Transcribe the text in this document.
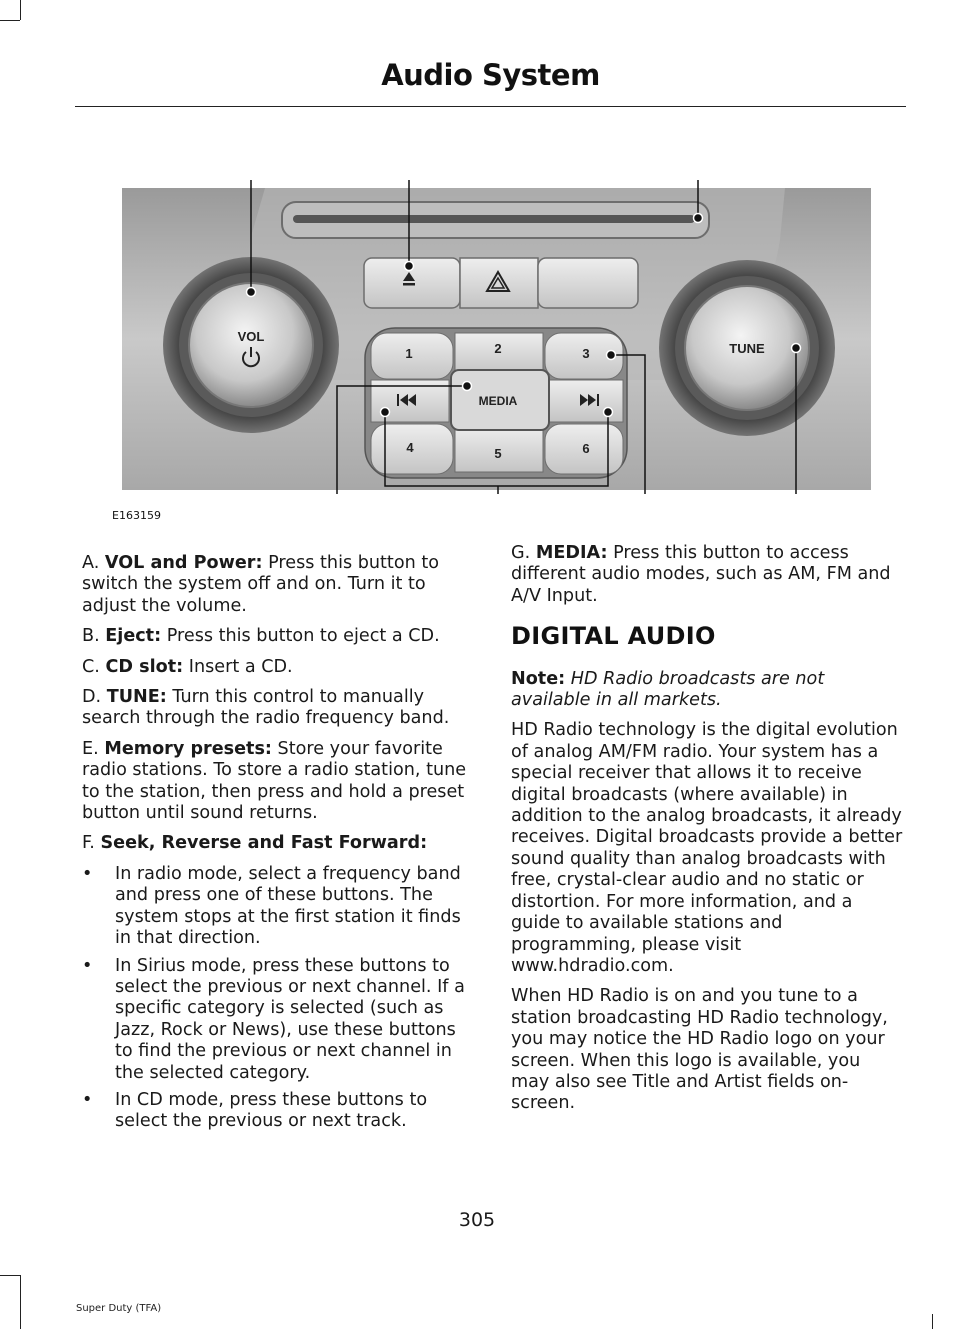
Audio System
VOL
TUNE
1	2	3
4	5	6
MEDIA
E163159

A. VOL and Power: Press this button to switch the system off and on. Turn it to adjust the volume.

B. Eject: Press this button to eject a CD.

C. CD slot: Insert a CD.

D. TUNE: Turn this control to manually search through the radio frequency band.

E. Memory presets: Store your favorite radio stations. To store a radio station, tune to the station, then press and hold a preset button until sound returns.

F. Seek, Reverse and Fast Forward:

• In radio mode, select a frequency band and press one of these buttons. The system stops at the first station it finds in that direction.
• In Sirius mode, press these buttons to select the previous or next channel. If a specific category is selected (such as Jazz, Rock or News), use these buttons to find the previous or next channel in the selected category.
• In CD mode, press these buttons to select the previous or next track.

G. MEDIA: Press this button to access different audio modes, such as AM, FM and A/V Input.

DIGITAL AUDIO

Note: HD Radio broadcasts are not available in all markets.

HD Radio technology is the digital evolution of analog AM/FM radio. Your system has a special receiver that allows it to receive digital broadcasts (where available) in addition to the analog broadcasts, it already receives. Digital broadcasts provide a better sound quality than analog broadcasts with free, crystal-clear audio and no static or distortion. For more information, and a guide to available stations and programming, please visit www.hdradio.com.

When HD Radio is on and you tune to a station broadcasting HD Radio technology, you may notice the HD Radio logo on your screen. When this logo is available, you may also see Title and Artist fields on-screen.

305
Super Duty (TFA)
